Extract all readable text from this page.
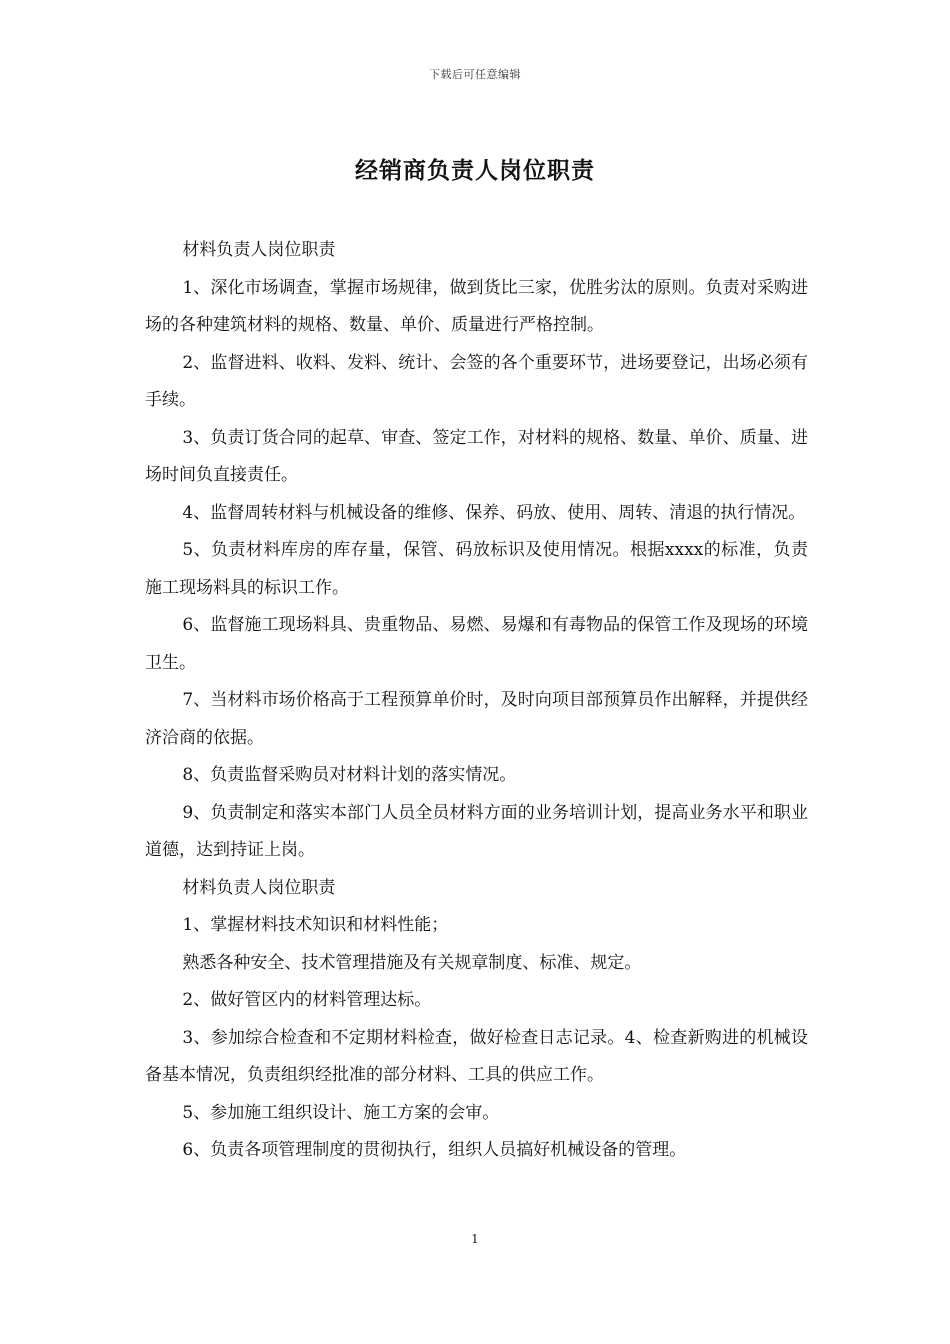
下载后可任意编辑
经销商负责人岗位职责

材料负责人岗位职责

1、深化市场调查，掌握市场规律，做到货比三家，优胜劣汰的原则。负责对采购进场的各种建筑材料的规格、数量、单价、质量进行严格控制。

2、监督进料、收料、发料、统计、会签的各个重要环节，进场要登记，出场必须有手续。

3、负责订货合同的起草、审查、签定工作，对材料的规格、数量、单价、质量、进场时间负直接责任。

4、监督周转材料与机械设备的维修、保养、码放、使用、周转、清退的执行情况。

5、负责材料库房的库存量，保管、码放标识及使用情况。根据xxxx的标准，负责施工现场料具的标识工作。

6、监督施工现场料具、贵重物品、易燃、易爆和有毒物品的保管工作及现场的环境卫生。

7、当材料市场价格高于工程预算单价时，及时向项目部预算员作出解释，并提供经济洽商的依据。

8、负责监督采购员对材料计划的落实情况。

9、负责制定和落实本部门人员全员材料方面的业务培训计划，提高业务水平和职业道德，达到持证上岗。

材料负责人岗位职责

1、掌握材料技术知识和材料性能；

熟悉各种安全、技术管理措施及有关规章制度、标准、规定。

2、做好管区内的材料管理达标。

3、参加综合检查和不定期材料检查，做好检查日志记录。4、检查新购进的机械设备基本情况，负责组织经批准的部分材料、工具的供应工作。

5、参加施工组织设计、施工方案的会审。

6、负责各项管理制度的贯彻执行，组织人员搞好机械设备的管理。

1
